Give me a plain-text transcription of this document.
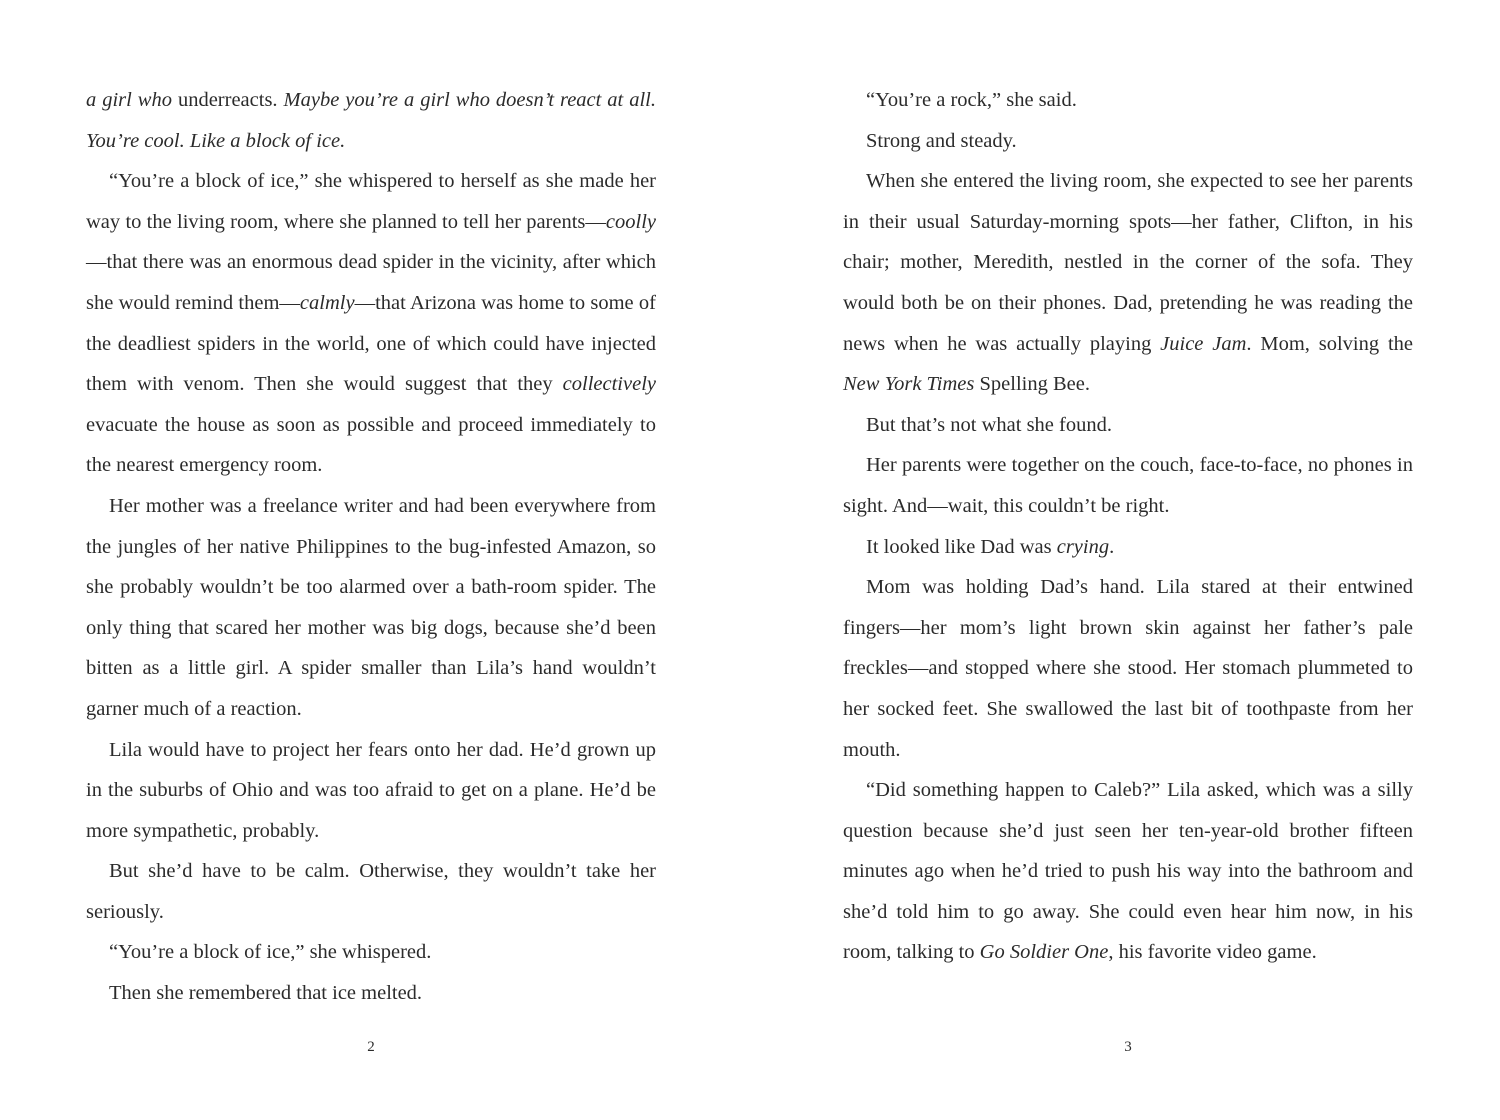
a girl who underreacts. Maybe you’re a girl who doesn’t react at all. You’re cool. Like a block of ice.

“You’re a block of ice,” she whispered to herself as she made her way to the living room, where she planned to tell her parents—coolly—that there was an enormous dead spider in the vicinity, after which she would remind them—calmly—that Arizona was home to some of the deadliest spiders in the world, one of which could have injected them with venom. Then she would suggest that they collectively evacuate the house as soon as possible and proceed immediately to the nearest emergency room.

Her mother was a freelance writer and had been everywhere from the jungles of her native Philippines to the bug-infested Amazon, so she probably wouldn’t be too alarmed over a bath-room spider. The only thing that scared her mother was big dogs, because she’d been bitten as a little girl. A spider smaller than Lila’s hand wouldn’t garner much of a reaction.

Lila would have to project her fears onto her dad. He’d grown up in the suburbs of Ohio and was too afraid to get on a plane. He’d be more sympathetic, probably.

But she’d have to be calm. Otherwise, they wouldn’t take her seriously.

“You’re a block of ice,” she whispered.

Then she remembered that ice melted.

2

“You’re a rock,” she said.

Strong and steady.

When she entered the living room, she expected to see her parents in their usual Saturday-morning spots—her father, Clifton, in his chair; mother, Meredith, nestled in the corner of the sofa. They would both be on their phones. Dad, pretending he was reading the news when he was actually playing Juice Jam. Mom, solving the New York Times Spelling Bee.

But that’s not what she found.

Her parents were together on the couch, face-to-face, no phones in sight. And—wait, this couldn’t be right.

It looked like Dad was crying.

Mom was holding Dad’s hand. Lila stared at their entwined fingers—her mom’s light brown skin against her father’s pale freckles—and stopped where she stood. Her stomach plummeted to her socked feet. She swallowed the last bit of toothpaste from her mouth.

“Did something happen to Caleb?” Lila asked, which was a silly question because she’d just seen her ten-year-old brother fifteen minutes ago when he’d tried to push his way into the bathroom and she’d told him to go away. She could even hear him now, in his room, talking to Go Soldier One, his favorite video game.

3
